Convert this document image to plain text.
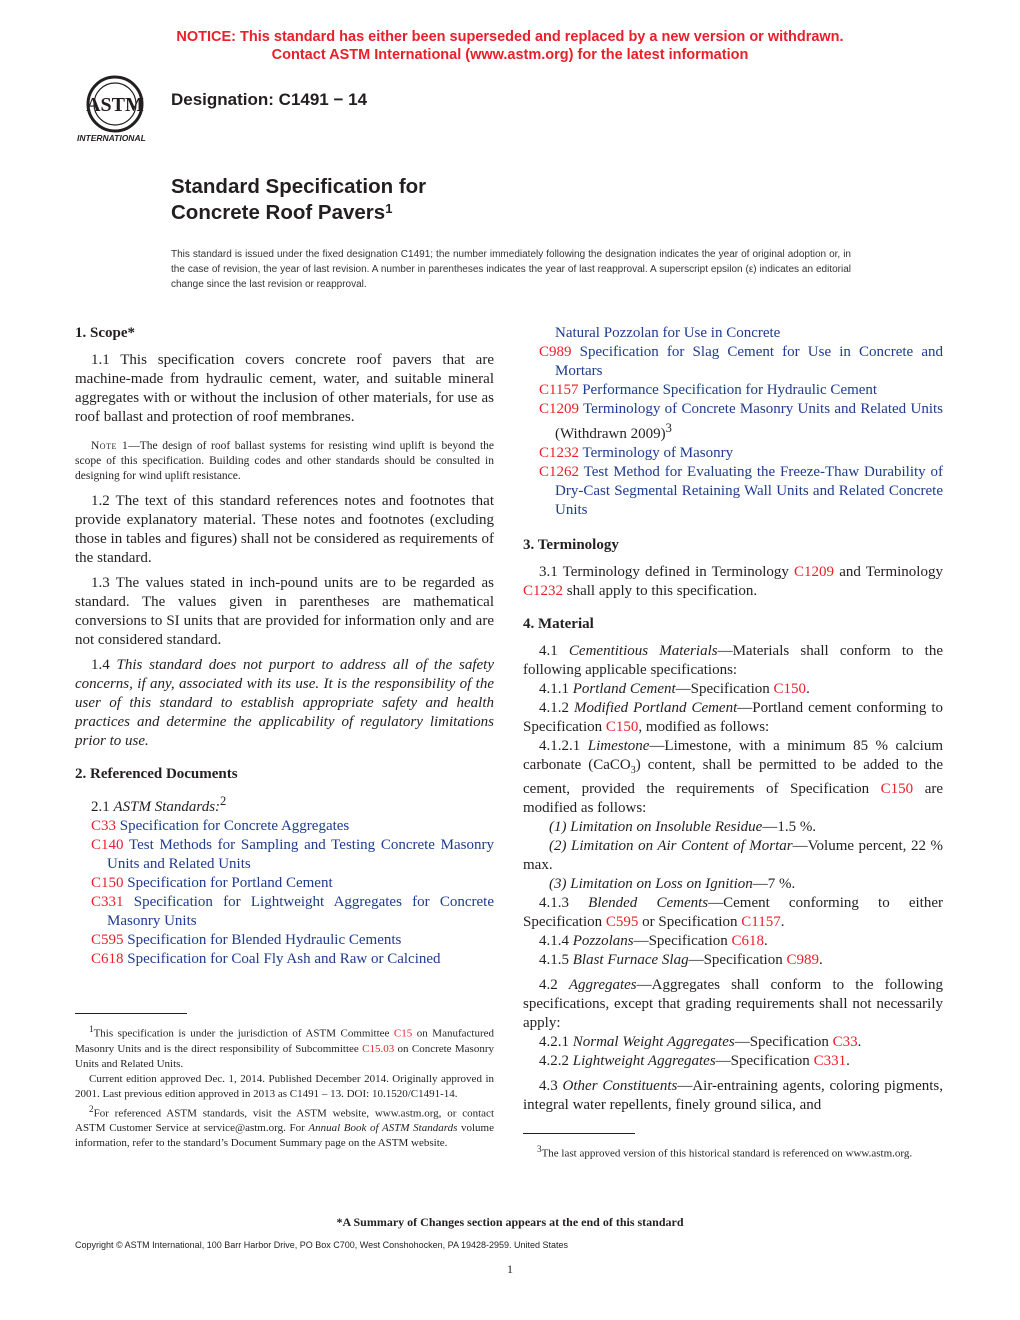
NOTICE: This standard has either been superseded and replaced by a new version or withdrawn.
Contact ASTM International (www.astm.org) for the latest information
ASTM
INTERNATIONAL
Designation: C1491 − 14
Standard Specification for
Concrete Roof Pavers$^1$
This standard is issued under the fixed designation C1491; the number immediately following the designation indicates the year of original adoption or, in the case of revision, the year of last revision. A number in parentheses indicates the year of last reapproval. A superscript epsilon (ε) indicates an editorial change since the last revision or reapproval.
1. Scope*

1.1 This specification covers concrete roof pavers that are machine-made from hydraulic cement, water, and suitable mineral aggregates with or without the inclusion of other materials, for use as roof ballast and protection of roof membranes.

Note 1—The design of roof ballast systems for resisting wind uplift is beyond the scope of this specification. Building codes and other standards should be consulted in designing for wind uplift resistance.

1.2 The text of this standard references notes and footnotes that provide explanatory material. These notes and footnotes (excluding those in tables and figures) shall not be considered as requirements of the standard.

1.3 The values stated in inch-pound units are to be regarded as standard. The values given in parentheses are mathematical conversions to SI units that are provided for information only and are not considered standard.

1.4 This standard does not purport to address all of the safety concerns, if any, associated with its use. It is the responsibility of the user of this standard to establish appropriate safety and health practices and determine the applicability of regulatory limitations prior to use.

2. Referenced Documents

2.1 ASTM Standards:$^2$

C33 Specification for Concrete Aggregates

C140 Test Methods for Sampling and Testing Concrete Masonry Units and Related Units

C150 Specification for Portland Cement

C331 Specification for Lightweight Aggregates for Concrete Masonry Units

C595 Specification for Blended Hydraulic Cements

C618 Specification for Coal Fly Ash and Raw or Calcined

$^1$This specification is under the jurisdiction of ASTM Committee C15 on Manufactured Masonry Units and is the direct responsibility of Subcommittee C15.03 on Concrete Masonry Units and Related Units.

Current edition approved Dec. 1, 2014. Published December 2014. Originally approved in 2001. Last previous edition approved in 2013 as C1491 – 13. DOI: 10.1520/C1491-14.

$^2$For referenced ASTM standards, visit the ASTM website, www.astm.org, or contact ASTM Customer Service at service@astm.org. For Annual Book of ASTM Standards volume information, refer to the standard’s Document Summary page on the ASTM website.

Natural Pozzolan for Use in Concrete

C989 Specification for Slag Cement for Use in Concrete and Mortars

C1157 Performance Specification for Hydraulic Cement

C1209 Terminology of Concrete Masonry Units and Related Units (Withdrawn 2009)$^3$

C1232 Terminology of Masonry

C1262 Test Method for Evaluating the Freeze-Thaw Durability of Dry-Cast Segmental Retaining Wall Units and Related Concrete Units

3. Terminology

3.1 Terminology defined in Terminology C1209 and Terminology C1232 shall apply to this specification.

4. Material

4.1 Cementitious Materials—Materials shall conform to the following applicable specifications:

4.1.1 Portland Cement—Specification C150.

4.1.2 Modified Portland Cement—Portland cement conforming to Specification C150, modified as follows:

4.1.2.1 Limestone—Limestone, with a minimum 85 % calcium carbonate (CaCO$_3$) content, shall be permitted to be added to the cement, provided the requirements of Specification C150 are modified as follows:

(1) Limitation on Insoluble Residue—1.5 %.

(2) Limitation on Air Content of Mortar—Volume percent, 22 % max.

(3) Limitation on Loss on Ignition—7 %.

4.1.3 Blended Cements—Cement conforming to either Specification C595 or Specification C1157.

4.1.4 Pozzolans—Specification C618.

4.1.5 Blast Furnace Slag—Specification C989.

4.2 Aggregates—Aggregates shall conform to the following specifications, except that grading requirements shall not necessarily apply:

4.2.1 Normal Weight Aggregates—Specification C33.

4.2.2 Lightweight Aggregates—Specification C331.

4.3 Other Constituents—Air-entraining agents, coloring pigments, integral water repellents, finely ground silica, and

$^3$The last approved version of this historical standard is referenced on www.astm.org.

*A Summary of Changes section appears at the end of this standard
Copyright © ASTM International, 100 Barr Harbor Drive, PO Box C700, West Conshohocken, PA 19428-2959. United States
1
